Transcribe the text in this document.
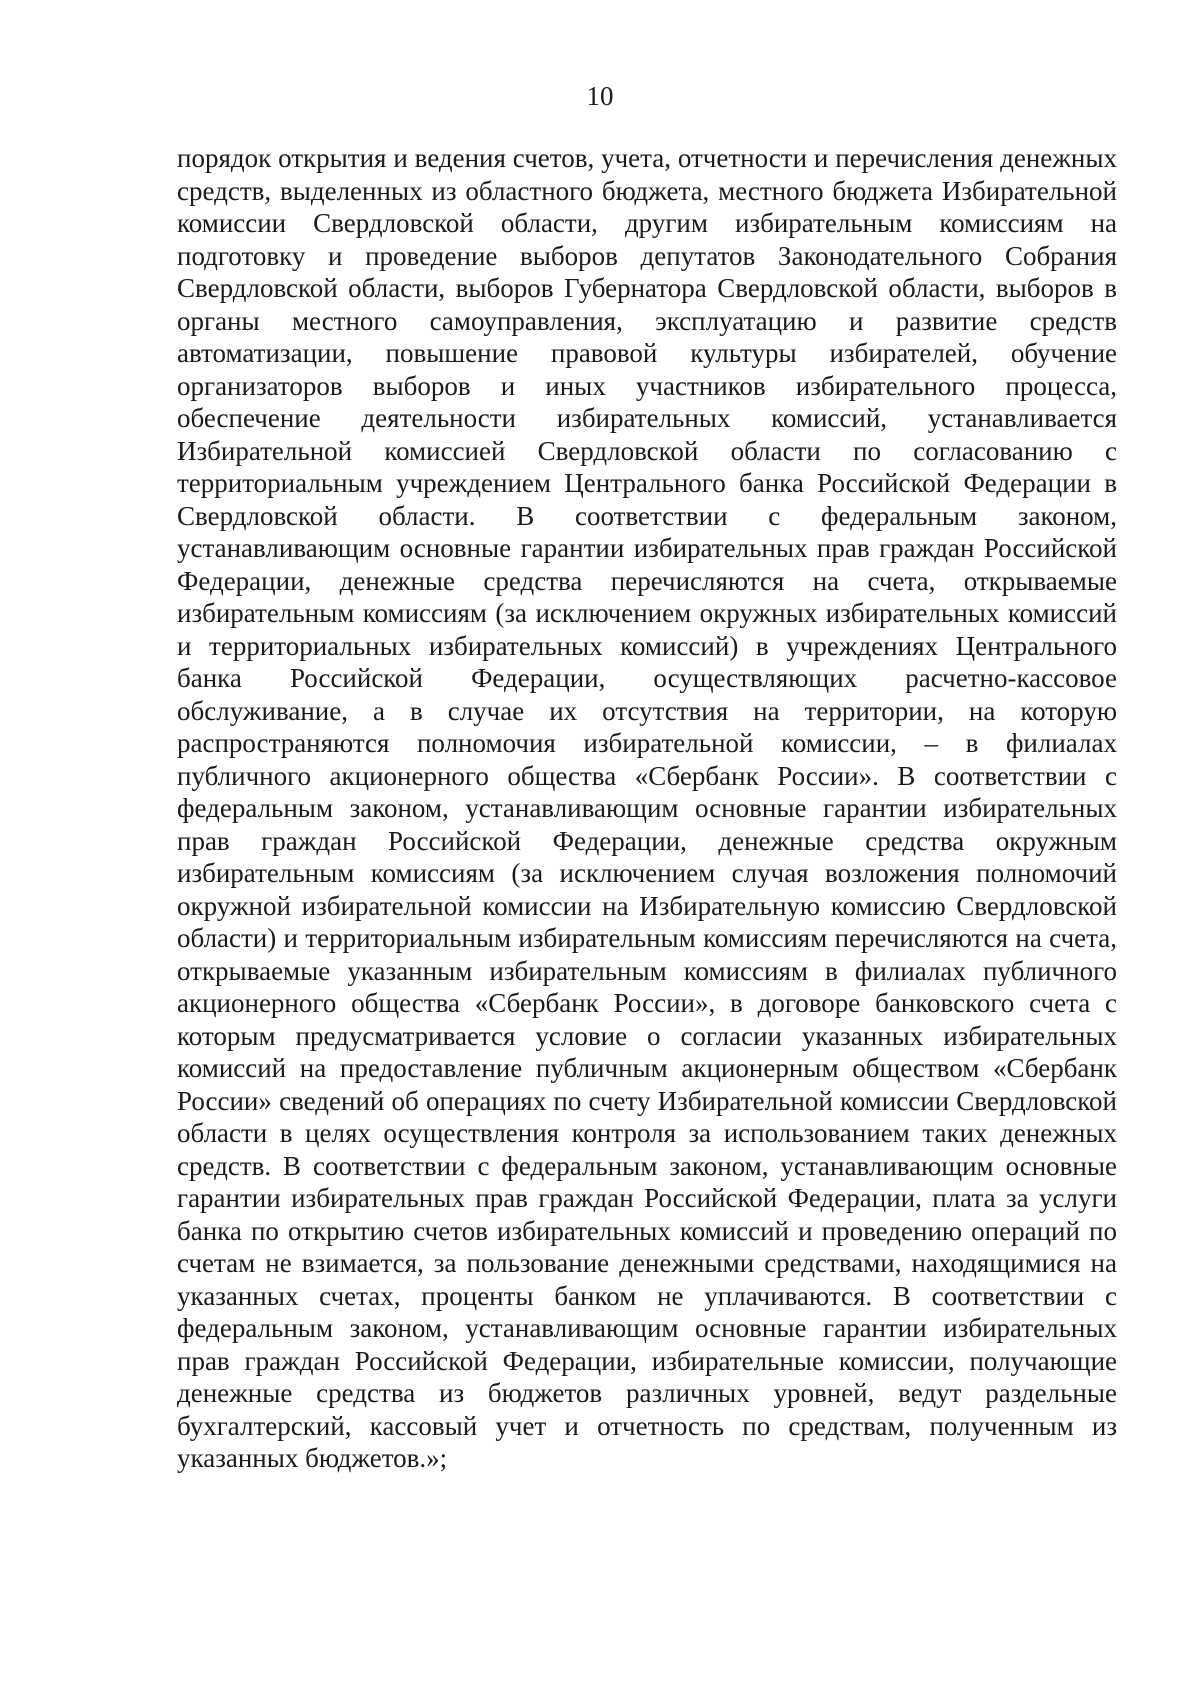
10

порядок открытия и ведения счетов, учета, отчетности и перечисления денежных средств, выделенных из областного бюджета, местного бюджета Избирательной комиссии Свердловской области, другим избирательным комиссиям на подготовку и проведение выборов депутатов Законодательного Собрания Свердловской области, выборов Губернатора Свердловской области, выборов в органы местного самоуправления, эксплуатацию и развитие средств автоматизации, повышение правовой культуры избирателей, обучение организаторов выборов и иных участников избирательного процесса, обеспечение деятельности избирательных комиссий, устанавливается Избирательной комиссией Свердловской области по согласованию с территориальным учреждением Центрального банка Российской Федерации в Свердловской области. В соответствии с федеральным законом, устанавливающим основные гарантии избирательных прав граждан Российской Федерации, денежные средства перечисляются на счета, открываемые избирательным комиссиям (за исключением окружных избирательных комиссий и территориальных избирательных комиссий) в учреждениях Центрального банка Российской Федерации, осуществляющих расчетно-кассовое обслуживание, а в случае их отсутствия на территории, на которую распространяются полномочия избирательной комиссии, – в филиалах публичного акционерного общества «Сбербанк России». В соответствии с федеральным законом, устанавливающим основные гарантии избирательных прав граждан Российской Федерации, денежные средства окружным избирательным комиссиям (за исключением случая возложения полномочий окружной избирательной комиссии на Избирательную комиссию Свердловской области) и территориальным избирательным комиссиям перечисляются на счета, открываемые указанным избирательным комиссиям в филиалах публичного акционерного общества «Сбербанк России», в договоре банковского счета с которым предусматривается условие о согласии указанных избирательных комиссий на предоставление публичным акционерным обществом «Сбербанк России» сведений об операциях по счету Избирательной комиссии Свердловской области в целях осуществления контроля за использованием таких денежных средств. В соответствии с федеральным законом, устанавливающим основные гарантии избирательных прав граждан Российской Федерации, плата за услуги банка по открытию счетов избирательных комиссий и проведению операций по счетам не взимается, за пользование денежными средствами, находящимися на указанных счетах, проценты банком не уплачиваются. В соответствии с федеральным законом, устанавливающим основные гарантии избирательных прав граждан Российской Федерации, избирательные комиссии, получающие денежные средства из бюджетов различных уровней, ведут раздельные бухгалтерский, кассовый учет и отчетность по средствам, полученным из указанных бюджетов.»;
